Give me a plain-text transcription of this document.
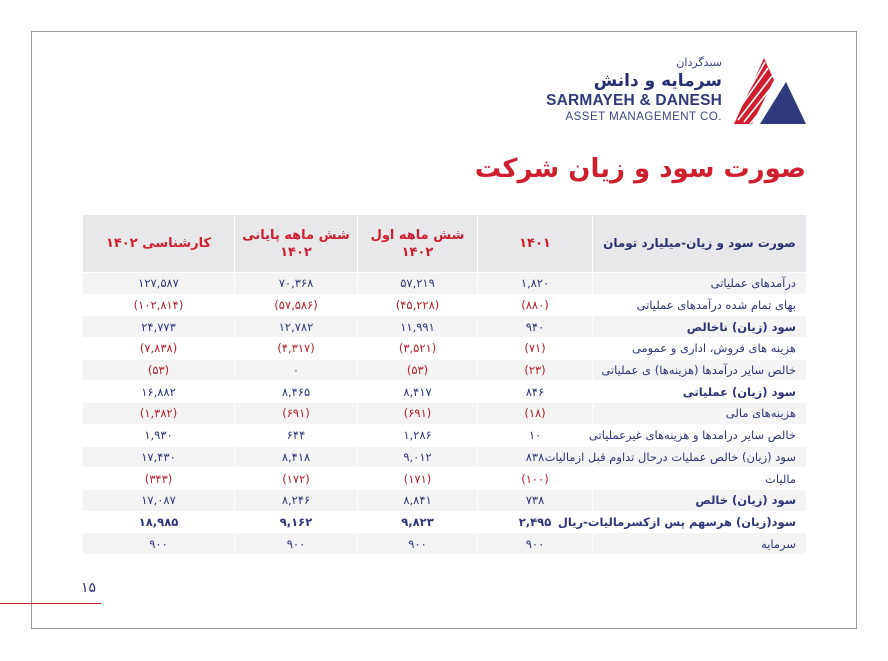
سبدگردان
سرمایه و دانش
SARMAYEH & DANESH
ASSET MANAGEMENT CO.
صورت سود و زیان شرکت
صورت سود و زیان-میلیارد تومان	۱۴۰۱	شش ماهه اول ۱۴۰۲	شش ماهه پایانی ۱۴۰۲	کارشناسی ۱۴۰۲
درآمدهای عملیاتی	۱,۸۲۰	۵۷,۲۱۹	۷۰,۳۶۸	۱۲۷,۵۸۷
بهای تمام شده درآمدهای عملیاتی	(۸۸۰)	(۴۵,۲۲۸)	(۵۷,۵۸۶)	(۱۰۲,۸۱۴)
سود (زیان) ناخالص	۹۴۰	۱۱,۹۹۱	۱۲,۷۸۲	۲۴,۷۷۳
هزینه های فروش، اداری و عمومی	(۷۱)	(۳,۵۲۱)	(۴,۳۱۷)	(۷,۸۳۸)
خالص سایر درآمدها (هزینه‌ها) ی عملیاتی	(۲۳)	(۵۳)	۰	(۵۳)
سود (زیان) عملیاتی	۸۴۶	۸,۴۱۷	۸,۴۶۵	۱۶,۸۸۲
هزینه‌های مالی	(۱۸)	(۶۹۱)	(۶۹۱)	(۱,۳۸۲)
خالص سایر درامدها و هزینه‌های غیرعملیاتی	۱۰	۱,۲۸۶	۶۴۴	۱,۹۳۰
سود (زیان) خالص عملیات درحال تداوم قبل ازمالیات	۸۳۸	۹,۰۱۲	۸,۴۱۸	۱۷,۴۳۰
مالیات	(۱۰۰)	(۱۷۱)	(۱۷۲)	(۳۴۳)
سود (زیان) خالص	۷۳۸	۸,۸۴۱	۸,۲۴۶	۱۷,۰۸۷
سود(زیان) هرسهم پس ازکسرمالیات-ریال	۲,۴۹۵	۹,۸۲۳	۹,۱۶۲	۱۸,۹۸۵
سرمایه	۹۰۰	۹۰۰	۹۰۰	۹۰۰
۱۵
